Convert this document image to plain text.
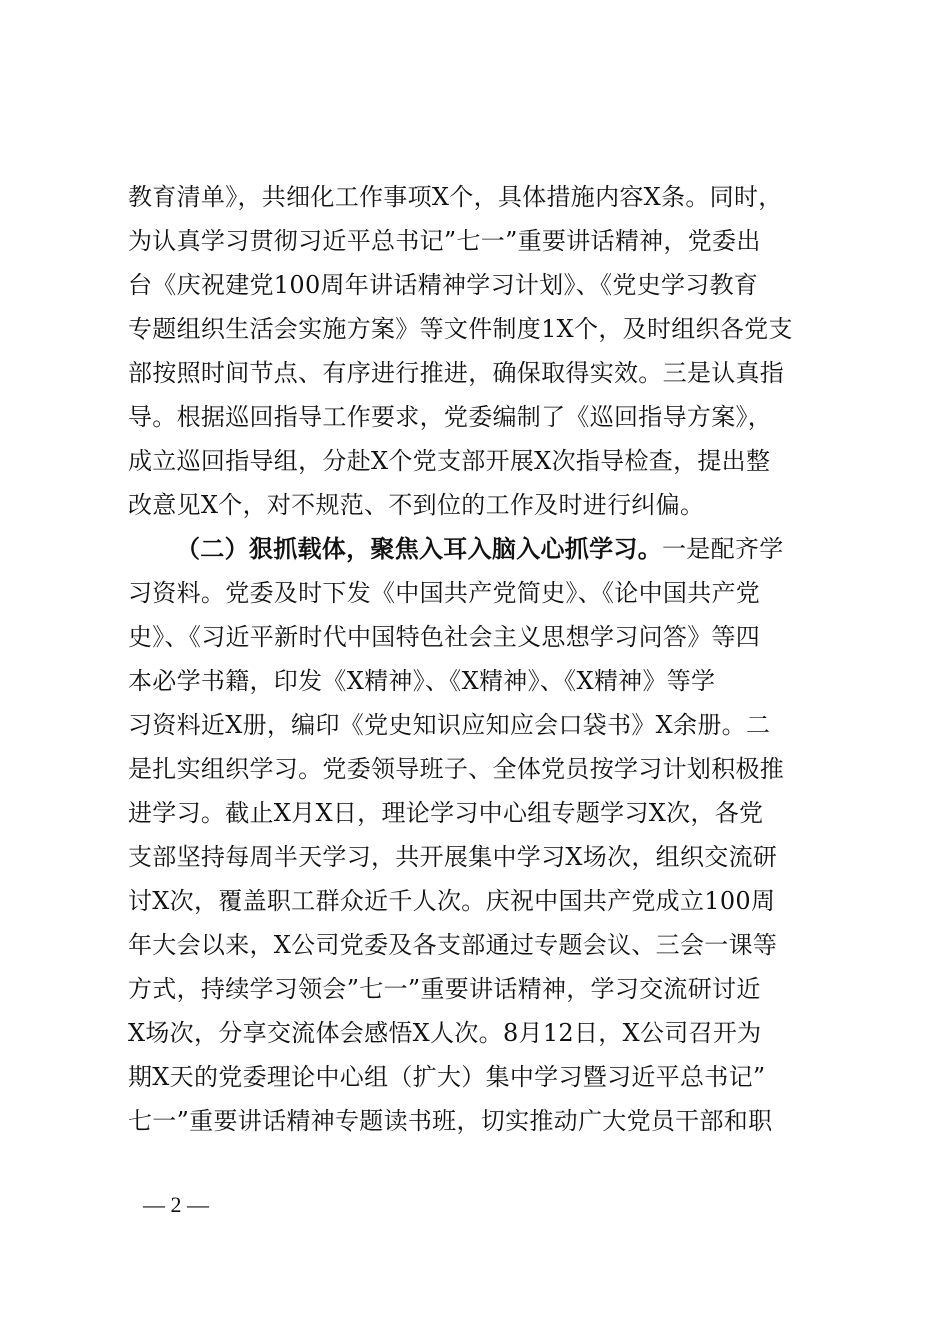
教育清单》，共细化工作事项X个，具体措施内容X条。同时，
为认真学习贯彻习近平总书记”七一”重要讲话精神，党委出
台《庆祝建党100周年讲话精神学习计划》、《党史学习教育
专题组织生活会实施方案》等文件制度1X个，及时组织各党支
部按照时间节点、有序进行推进，确保取得实效。三是认真指
导。根据巡回指导工作要求，党委编制了《巡回指导方案》，
成立巡回指导组，分赴X个党支部开展X次指导检查，提出整
改意见X个，对不规范、不到位的工作及时进行纠偏。
（二）狠抓载体，聚焦入耳入脑入心抓学习。一是配齐学
习资料。党委及时下发《中国共产党简史》、《论中国共产党
史》、《习近平新时代中国特色社会主义思想学习问答》等四
本必学书籍，印发《X精神》、《X精神》、《X精神》等学
习资料近X册，编印《党史知识应知应会口袋书》X余册。二
是扎实组织学习。党委领导班子、全体党员按学习计划积极推
进学习。截止X月X日，理论学习中心组专题学习X次，各党
支部坚持每周半天学习，共开展集中学习X场次，组织交流研
讨X次，覆盖职工群众近千人次。庆祝中国共产党成立100周
年大会以来，X公司党委及各支部通过专题会议、三会一课等
方式，持续学习领会”七一”重要讲话精神，学习交流研讨近
X场次，分享交流体会感悟X人次。8月12日，X公司召开为
期X天的党委理论中心组（扩大）集中学习暨习近平总书记”
七一”重要讲话精神专题读书班，切实推动广大党员干部和职
— 2 —
